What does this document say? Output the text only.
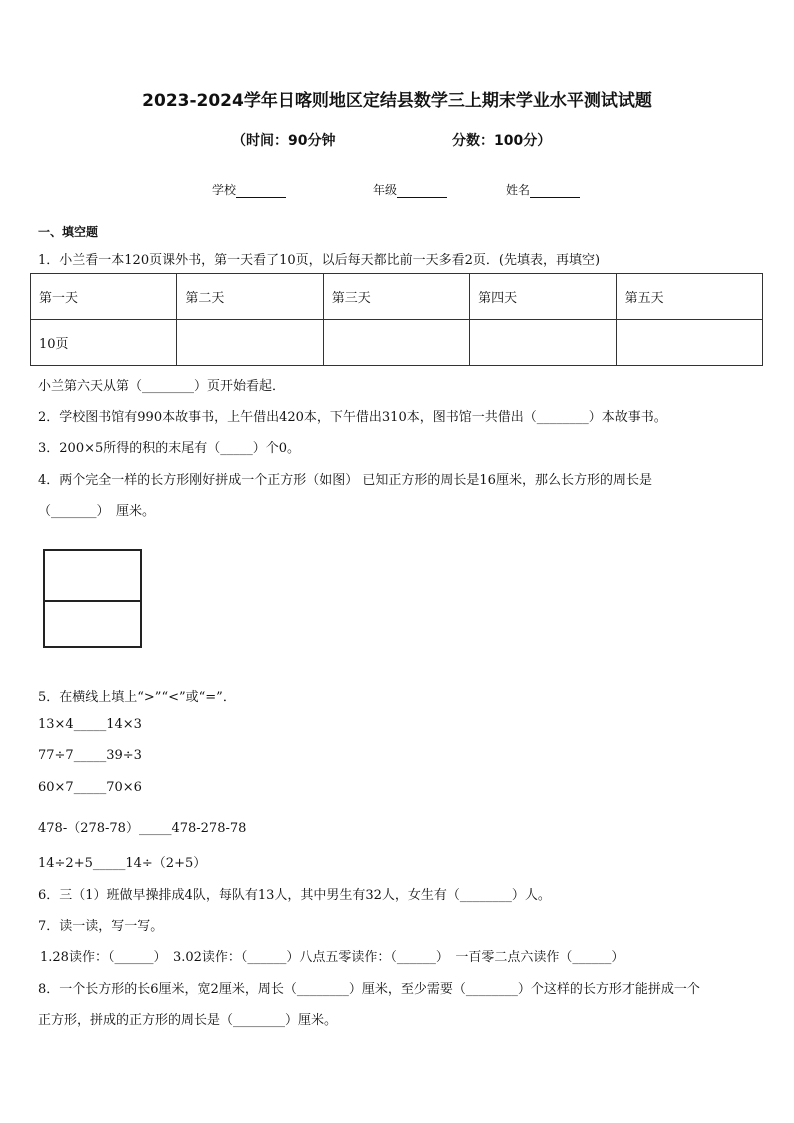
2023-2024学年日喀则地区定结县数学三上期末学业水平测试试题
（时间：90分钟	分数：100分）
学校	年级	姓名
一、填空题
1．小兰看一本120页课外书，第一天看了10页，以后每天都比前一天多看2页．(先填表，再填空)
第一天	第二天	第三天	第四天	第五天
10页				
小兰第六天从第（________）页开始看起．
2．学校图书馆有990本故事书，上午借出420本，下午借出310本，图书馆一共借出（________）本故事书。
3．200×5所得的积的末尾有（_____）个0。
4．两个完全一样的长方形刚好拼成一个正方形（如图） 已知正方形的周长是16厘米，那么长方形的周长是
（_______）　厘米。
5．在横线上填上“>”“<”或“=”．
13×4_____14×3
77÷7_____39÷3
60×7_____70×6
478-（278-78）_____478-278-78
14÷2+5_____14÷（2+5）
6．三（1）班做早操排成4队，每队有13人，其中男生有32人，女生有（________）人。
7．读一读，写一写。
1.28读作：（______）　3.02读作：（______）八点五零读作：（______）　一百零二点六读作（______）
8．一个长方形的长6厘米，宽2厘米，周长（________）厘米，至少需要（________）个这样的长方形才能拼成一个
正方形，拼成的正方形的周长是（________）厘米。
